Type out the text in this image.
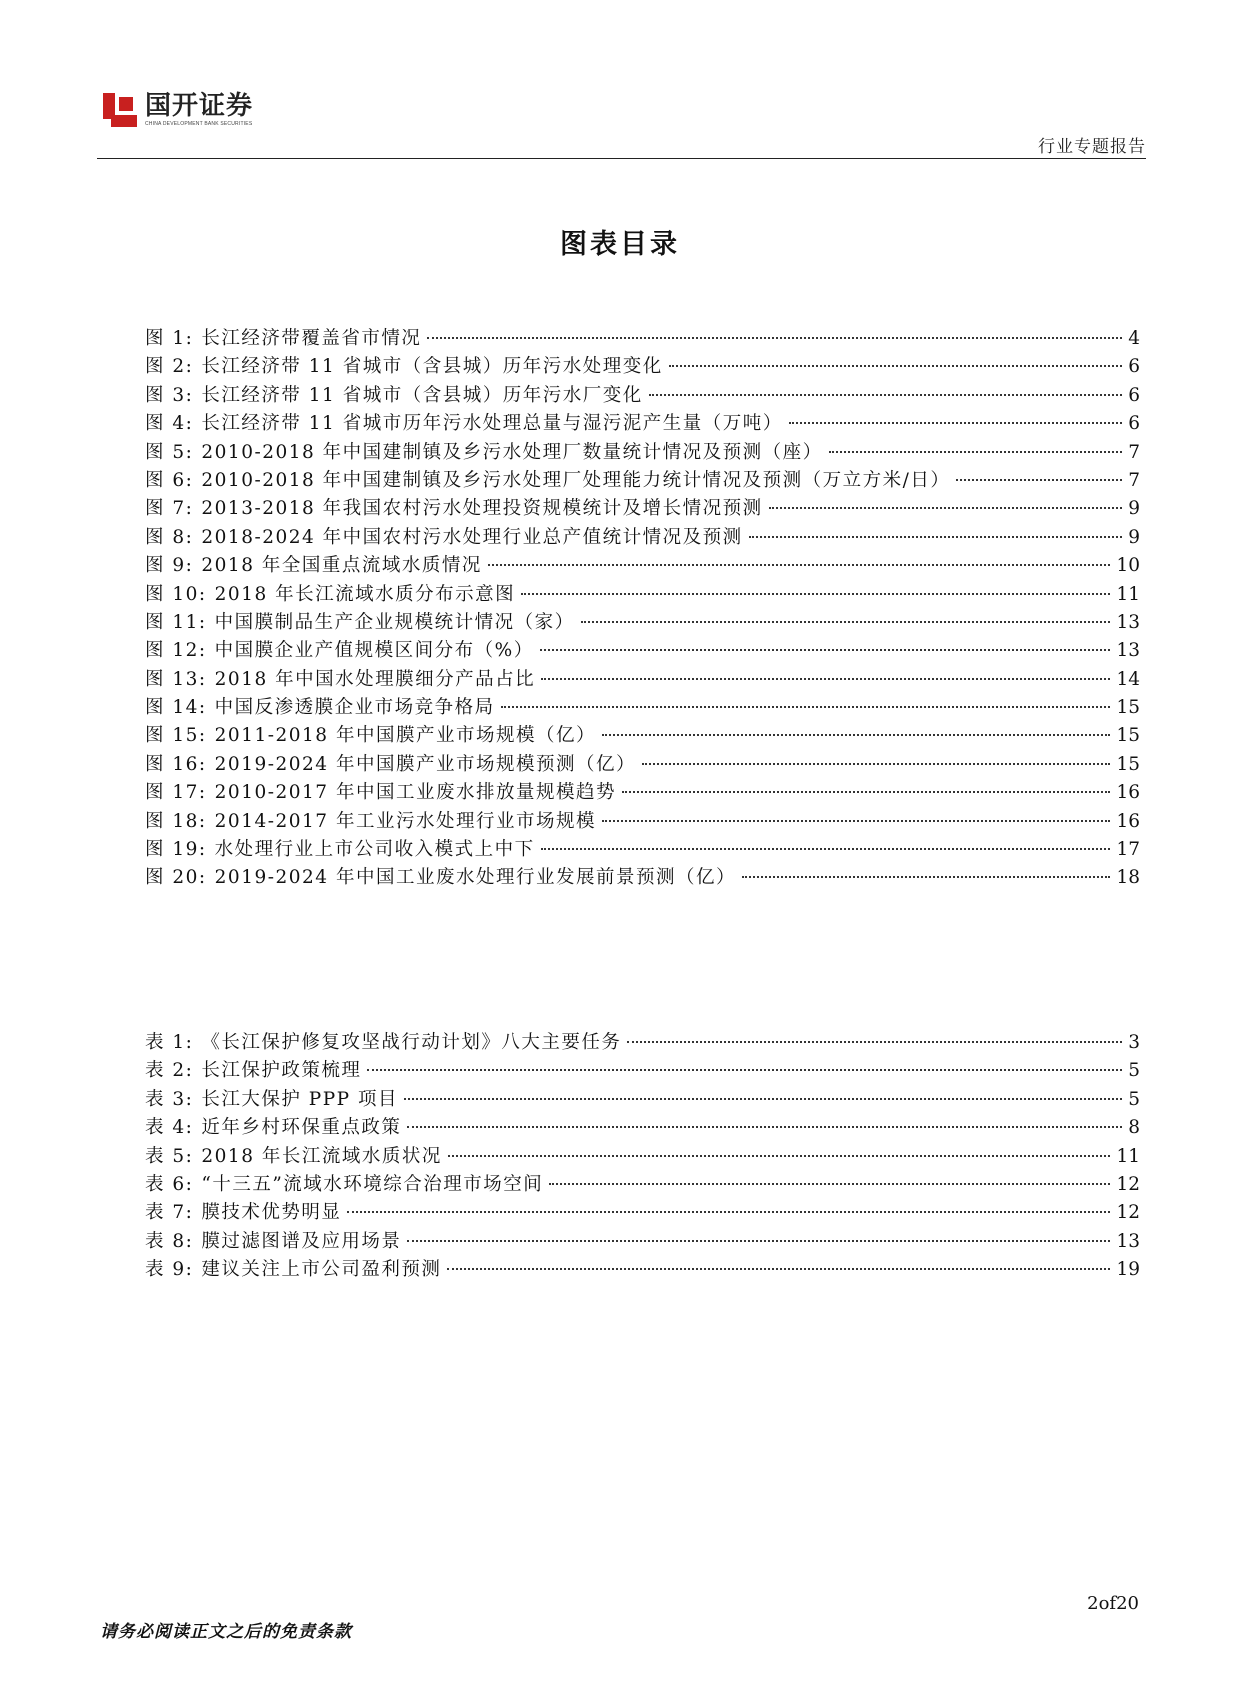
国开证券
CHINA DEVELOPMENT BANK SECURITIES
行业专题报告
图表目录
图 1: 长江经济带覆盖省市情况	4
图 2: 长江经济带 11 省城市（含县城）历年污水处理变化	6
图 3: 长江经济带 11 省城市（含县城）历年污水厂变化	6
图 4: 长江经济带 11 省城市历年污水处理总量与湿污泥产生量（万吨）	6
图 5: 2010-2018 年中国建制镇及乡污水处理厂数量统计情况及预测（座）	7
图 6: 2010-2018 年中国建制镇及乡污水处理厂处理能力统计情况及预测（万立方米/日）	7
图 7: 2013-2018 年我国农村污水处理投资规模统计及增长情况预测	9
图 8: 2018-2024 年中国农村污水处理行业总产值统计情况及预测	9
图 9: 2018 年全国重点流域水质情况	10
图 10: 2018 年长江流域水质分布示意图	11
图 11: 中国膜制品生产企业规模统计情况（家）	13
图 12: 中国膜企业产值规模区间分布（%）	13
图 13: 2018 年中国水处理膜细分产品占比	14
图 14: 中国反渗透膜企业市场竞争格局	15
图 15: 2011-2018 年中国膜产业市场规模（亿）	15
图 16: 2019-2024 年中国膜产业市场规模预测（亿）	15
图 17: 2010-2017 年中国工业废水排放量规模趋势	16
图 18: 2014-2017 年工业污水处理行业市场规模	16
图 19: 水处理行业上市公司收入模式上中下	17
图 20: 2019-2024 年中国工业废水处理行业发展前景预测（亿）	18
表 1: 《长江保护修复攻坚战行动计划》八大主要任务	3
表 2: 长江保护政策梳理	5
表 3: 长江大保护 PPP 项目	5
表 4: 近年乡村环保重点政策	8
表 5: 2018 年长江流域水质状况	11
表 6: “十三五”流域水环境综合治理市场空间	12
表 7: 膜技术优势明显	12
表 8: 膜过滤图谱及应用场景	13
表 9: 建议关注上市公司盈利预测	19
2of20
请务必阅读正文之后的免责条款
